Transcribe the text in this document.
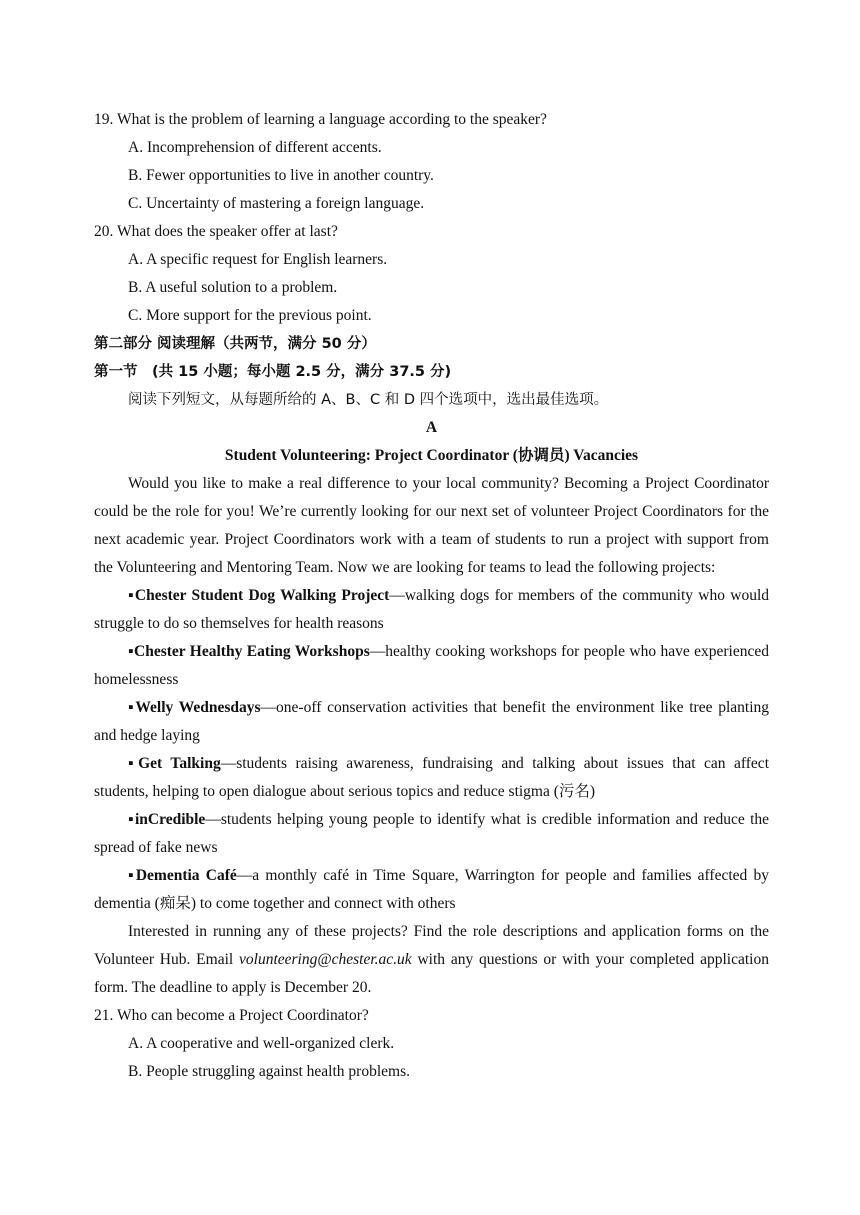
19. What is the problem of learning a language according to the speaker?
A. Incomprehension of different accents.
B. Fewer opportunities to live in another country.
C. Uncertainty of mastering a foreign language.
20. What does the speaker offer at last?
A. A specific request for English learners.
B. A useful solution to a problem.
C. More support for the previous point.
第二部分 阅读理解（共两节，满分 50 分）
第一节　(共 15 小题；每小题 2.5 分，满分 37.5 分)
阅读下列短文，从每题所给的 A、B、C 和 D 四个选项中，选出最佳选项。
A
Student Volunteering: Project Coordinator (协调员) Vacancies
Would you like to make a real difference to your local community? Becoming a Project Coordinator could be the role for you! We’re currently looking for our next set of volunteer Project Coordinators for the next academic year. Project Coordinators work with a team of students to run a project with support from the Volunteering and Mentoring Team. Now we are looking for teams to lead the following projects:
▪Chester Student Dog Walking Project—walking dogs for members of the community who would struggle to do so themselves for health reasons
▪Chester Healthy Eating Workshops—healthy cooking workshops for people who have experienced homelessness
▪Welly Wednesdays—one-off conservation activities that benefit the environment like tree planting and hedge laying
▪Get Talking—students raising awareness, fundraising and talking about issues that can affect students, helping to open dialogue about serious topics and reduce stigma (污名)
▪inCredible—students helping young people to identify what is credible information and reduce the spread of fake news
▪Dementia Café—a monthly café in Time Square, Warrington for people and families affected by dementia (痴呆) to come together and connect with others
Interested in running any of these projects? Find the role descriptions and application forms on the Volunteer Hub. Email volunteering@chester.ac.uk with any questions or with your completed application form. The deadline to apply is December 20.
21. Who can become a Project Coordinator?
A. A cooperative and well-organized clerk.
B. People struggling against health problems.
